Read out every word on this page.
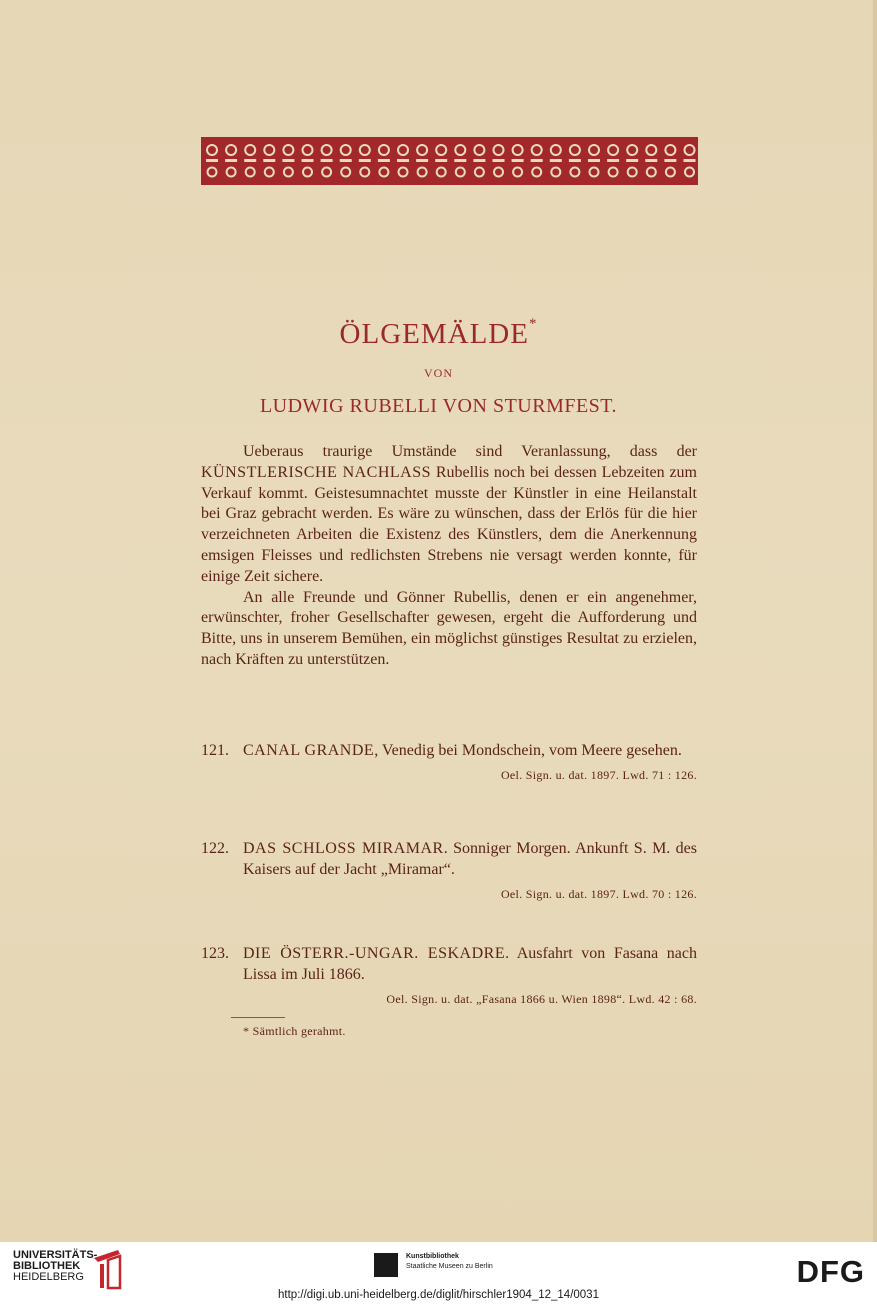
ÖLGEMÄLDE*
VON
LUDWIG RUBELLI VON STURMFEST.

Ueberaus traurige Umstände sind Veranlassung, dass der KÜNSTLERISCHE NACHLASS Rubellis noch bei dessen Lebzeiten zum Verkauf kommt. Geistesumnachtet musste der Künstler in eine Heilanstalt bei Graz gebracht werden. Es wäre zu wünschen, dass der Erlös für die hier verzeichneten Arbeiten die Existenz des Künstlers, dem die Anerkennung emsigen Fleisses und redlichsten Strebens nie versagt werden konnte, für einige Zeit sichere.

An alle Freunde und Gönner Rubellis, denen er ein angenehmer, erwünschter, froher Gesellschafter gewesen, ergeht die Aufforderung und Bitte, uns in unserem Bemühen, ein möglichst günstiges Resultat zu erzielen, nach Kräften zu unterstützen.

121. CANAL GRANDE, Venedig bei Mondschein, vom Meere gesehen.
Oel. Sign. u. dat. 1897. Lwd. 71 : 126.
122. DAS SCHLOSS MIRAMAR. Sonniger Morgen. Ankunft S. M. des Kaisers auf der Jacht „Miramar“.
Oel. Sign. u. dat. 1897. Lwd. 70 : 126.
123. DIE ÖSTERR.-UNGAR. ESKADRE. Ausfahrt von Fasana nach Lissa im Juli 1866.
Oel. Sign. u. dat. „Fasana 1866 u. Wien 1898“. Lwd. 42 : 68.
* Sämtlich gerahmt.
UNIVERSITÄTS-
BIBLIOTHEK
HEIDELBERG
Kunstbibliothek
Staatliche Museen zu Berlin	DFG
http://digi.ub.uni-heidelberg.de/diglit/hirschler1904_12_14/0031
